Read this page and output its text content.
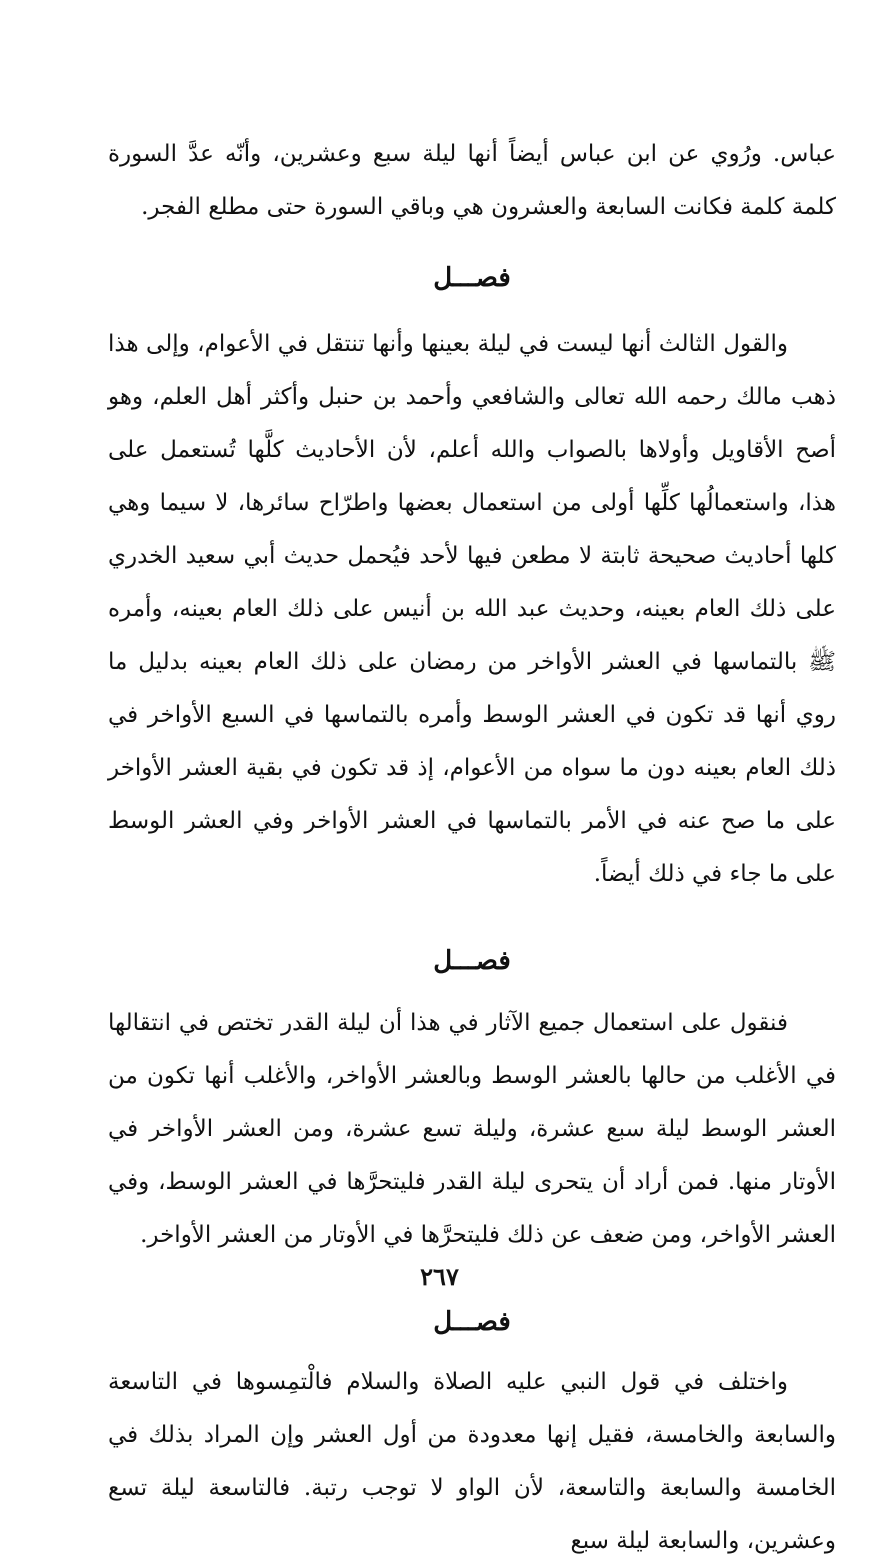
عباس. ورُوي عن ابن عباس أيضاً أنها ليلة سبع وعشرين، وأنّه عدَّ السورة كلمة كلمة فكانت السابعة والعشرون هي وباقي السورة حتى مطلع الفجر.

فصـــل

والقول الثالث أنها ليست في ليلة بعينها وأنها تنتقل في الأعوام، وإلى هذا ذهب مالك رحمه الله تعالى والشافعي وأحمد بن حنبل وأكثر أهل العلم، وهو أصح الأقاويل وأولاها بالصواب والله أعلم، لأن الأحاديث كلَّها تُستعمل على هذا، واستعمالُها كلِّها أولى من استعمال بعضها واطرّاح سائرها، لا سيما وهي كلها أحاديث صحيحة ثابتة لا مطعن فيها لأحد فيُحمل حديث أبي سعيد الخدري على ذلك العام بعينه، وحديث عبد الله بن أنيس على ذلك العام بعينه، وأمره ﷺ بالتماسها في العشر الأواخر من رمضان على ذلك العام بعينه بدليل ما روي أنها قد تكون في العشر الوسط وأمره بالتماسها في السبع الأواخر في ذلك العام بعينه دون ما سواه من الأعوام، إذ قد تكون في بقية العشر الأواخر على ما صح عنه في الأمر بالتماسها في العشر الأواخر وفي العشر الوسط على ما جاء في ذلك أيضاً.

فصـــل

فنقول على استعمال جميع الآثار في هذا أن ليلة القدر تختص في انتقالها في الأغلب من حالها بالعشر الوسط وبالعشر الأواخر، والأغلب أنها تكون من العشر الوسط ليلة سبع عشرة، وليلة تسع عشرة، ومن العشر الأواخر في الأوتار منها. فمن أراد أن يتحرى ليلة القدر فليتحرَّها في العشر الوسط، وفي العشر الأواخر، ومن ضعف عن ذلك فليتحرَّها في الأوتار من العشر الأواخر.

فصـــل

واختلف في قول النبي عليه الصلاة والسلام فالْتمِسوها في التاسعة والسابعة والخامسة، فقيل إنها معدودة من أول العشر وإن المراد بذلك في الخامسة والسابعة والتاسعة، لأن الواو لا توجب رتبة. فالتاسعة ليلة تسع وعشرين، والسابعة ليلة سبع

٢٦٧
